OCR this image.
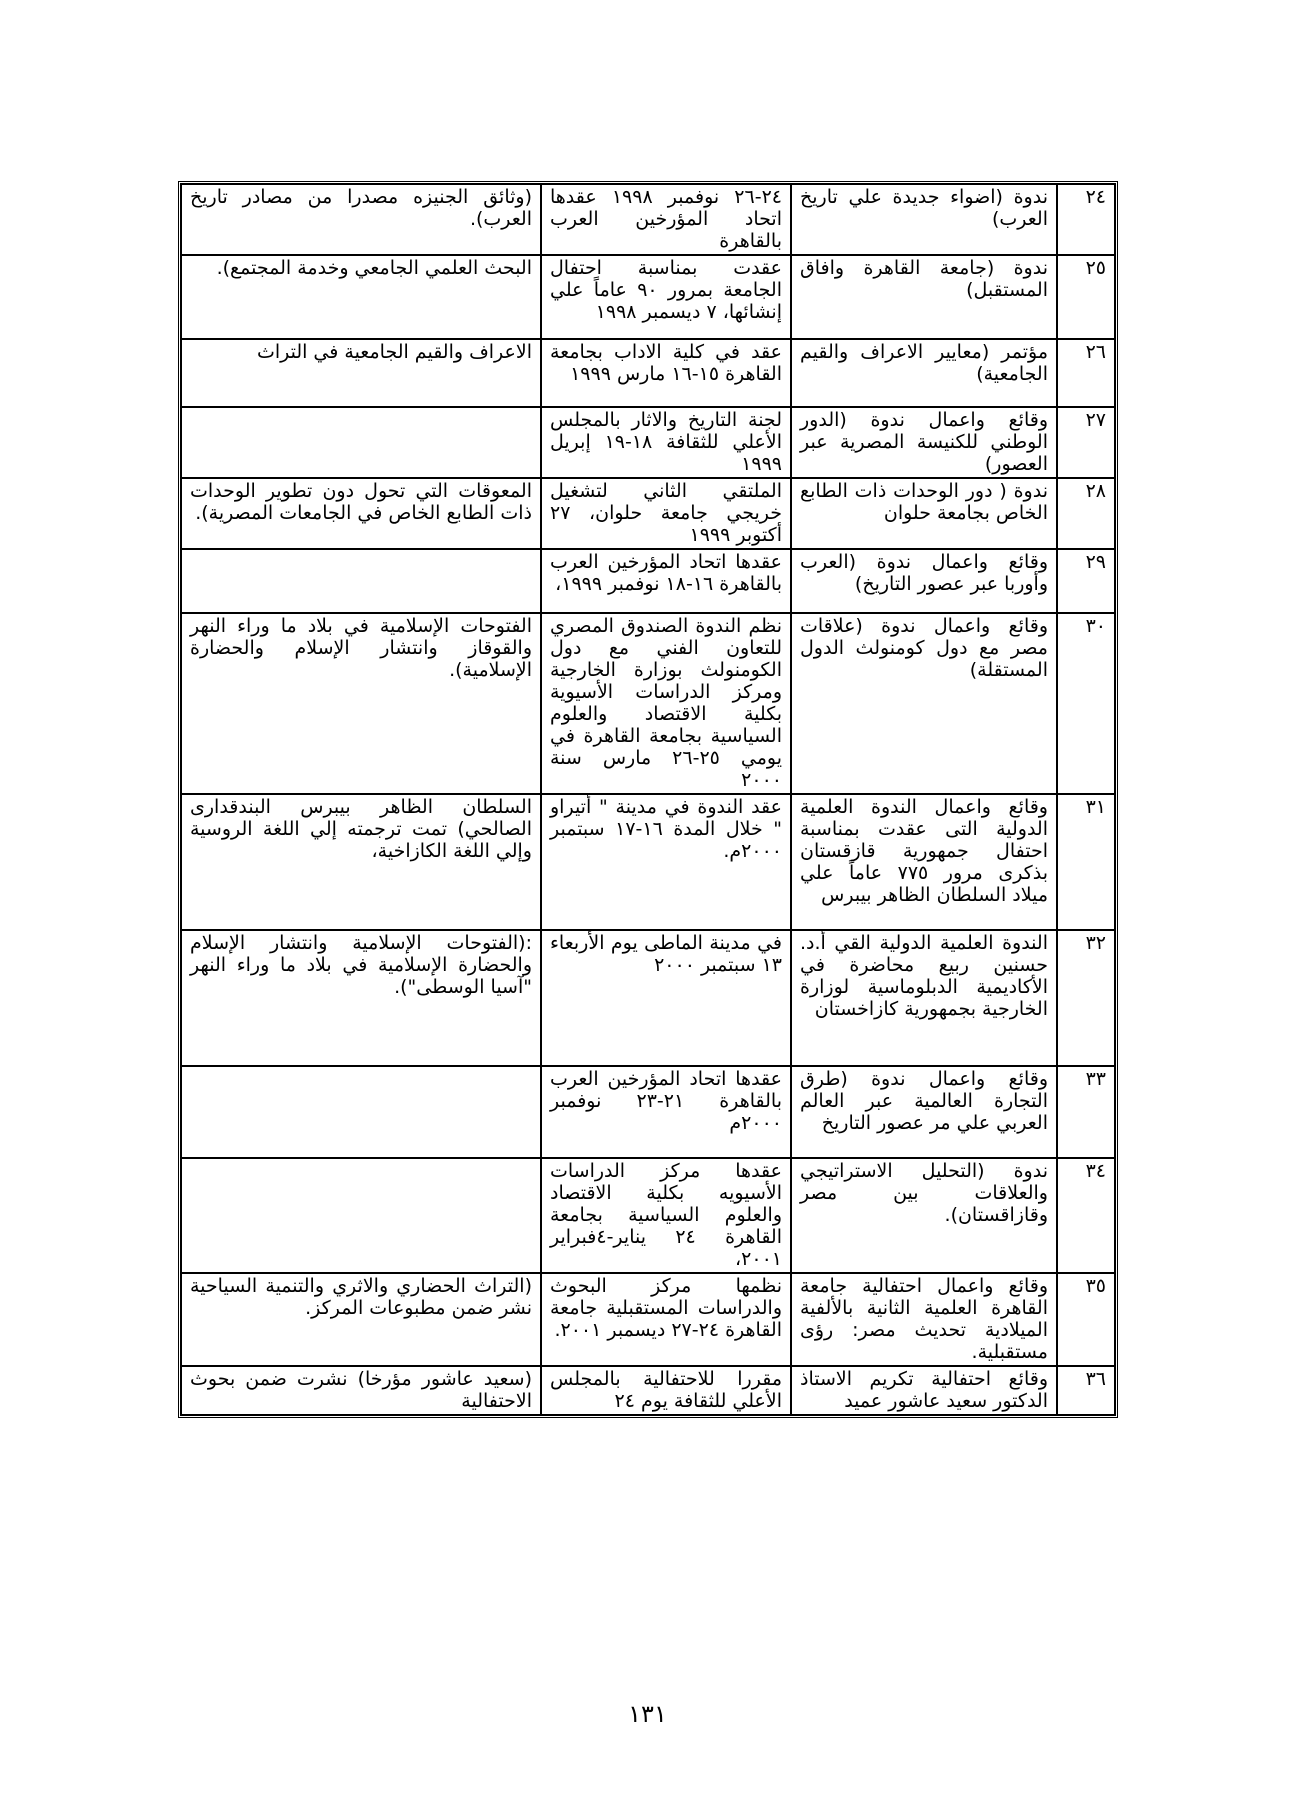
٢٤	ندوة (اضواء جديدة علي تاريخ العرب)	٢٤-٢٦ نوفمبر ١٩٩٨ عقدها اتحاد المؤرخين العرب بالقاهرة	(وثائق الجنيزه مصدرا من مصادر تاريخ العرب).
٢٥	ندوة (جامعة القاهرة وافاق المستقبل)	عقدت بمناسبة احتفال الجامعة بمرور ٩٠ عاماً علي إنشائها، ٧ ديسمبر ١٩٩٨	البحث العلمي الجامعي وخدمة المجتمع).
٢٦	مؤتمر (معايير الاعراف والقيم الجامعية)	عقد في كلية الاداب بجامعة القاهرة ١٥-١٦ مارس ١٩٩٩	الاعراف والقيم الجامعية في التراث
٢٧	وقائع واعمال ندوة (الدور الوطني للكنيسة المصرية عبر العصور)	لجنة التاريخ والاثار بالمجلس الأعلي للثقافة ١٨-١٩ إبريل ١٩٩٩	
٢٨	ندوة ( دور الوحدات ذات الطابع الخاص بجامعة حلوان	الملتقي الثاني لتشغيل خريجي جامعة حلوان، ٢٧ أكتوبر ١٩٩٩	المعوقات التي تحول دون تطوير الوحدات ذات الطابع الخاص في الجامعات المصرية).
٢٩	وقائع واعمال ندوة (العرب وأوربا عبر عصور التاريخ)	عقدها اتحاد المؤرخين العرب بالقاهرة ١٦-١٨ نوفمبر ١٩٩٩،	
٣٠	وقائع واعمال ندوة (علاقات مصر مع دول كومنولث الدول المستقلة)	نظم الندوة الصندوق المصري للتعاون الفني مع دول الكومنولث بوزارة الخارجية ومركز الدراسات الأسيوية بكلية الاقتصاد والعلوم السياسية بجامعة القاهرة في يومي ٢٥-٢٦ مارس سنة ٢٠٠٠	الفتوحات الإسلامية في بلاد ما وراء النهر والقوقاز وانتشار الإسلام والحضارة الإسلامية).
٣١	وقائع واعمال الندوة العلمية الدولية التى عقدت بمناسبة احتفال جمهورية قازقستان بذكرى مرور ٧٧٥ عاماً علي ميلاد السلطان الظاهر بيبرس	عقد الندوة في مدينة " أتيراو " خلال المدة ١٦-١٧ سبتمبر ٢٠٠٠م.	السلطان الظاهر بيبرس البندقدارى الصالحي) تمت ترجمته إلي اللغة الروسية وإلي اللغة الكازاخية،
٣٢	الندوة العلمية الدولية القي أ.د. حسنين ربيع محاضرة في الأكاديمية الدبلوماسية لوزارة الخارجية بجمهورية كازاخستان	في مدينة الماطى يوم الأربعاء ١٣ سبتمبر ٢٠٠٠	:(الفتوحات الإسلامية وانتشار الإسلام والحضارة الإسلامية في بلاد ما وراء النهر "آسيا الوسطى").
٣٣	وقائع واعمال ندوة (طرق التجارة العالمية عبر العالم العربي علي مر عصور التاريخ	عقدها اتحاد المؤرخين العرب بالقاهرة ٢١-٢٣ نوفمبر ٢٠٠٠م	
٣٤	ندوة (التحليل الاستراتيجي والعلاقات بين مصر وقازاقستان).	عقدها مركز الدراسات الأسيويه بكلية الاقتصاد والعلوم السياسية بجامعة القاهرة ٢٤ يناير-٤فبراير ٢٠٠١،	
٣٥	وقائع واعمال احتفالية جامعة القاهرة العلمية الثانية بالألفية الميلادية تحديث مصر: رؤى مستقبلية.	نظمها مركز البحوث والدراسات المستقبلية جامعة القاهرة ٢٤-٢٧ ديسمبر ٢٠٠١.	(التراث الحضاري والاثري والتنمية السياحية نشر ضمن مطبوعات المركز.
٣٦	وقائع احتفالية تكريم الاستاذ الدكتور سعيد عاشور عميد	مقررا للاحتفالية بالمجلس الأعلي للثقافة يوم ٢٤	(سعيد عاشور مؤرخا) نشرت ضمن بحوث الاحتفالية
١٣١
